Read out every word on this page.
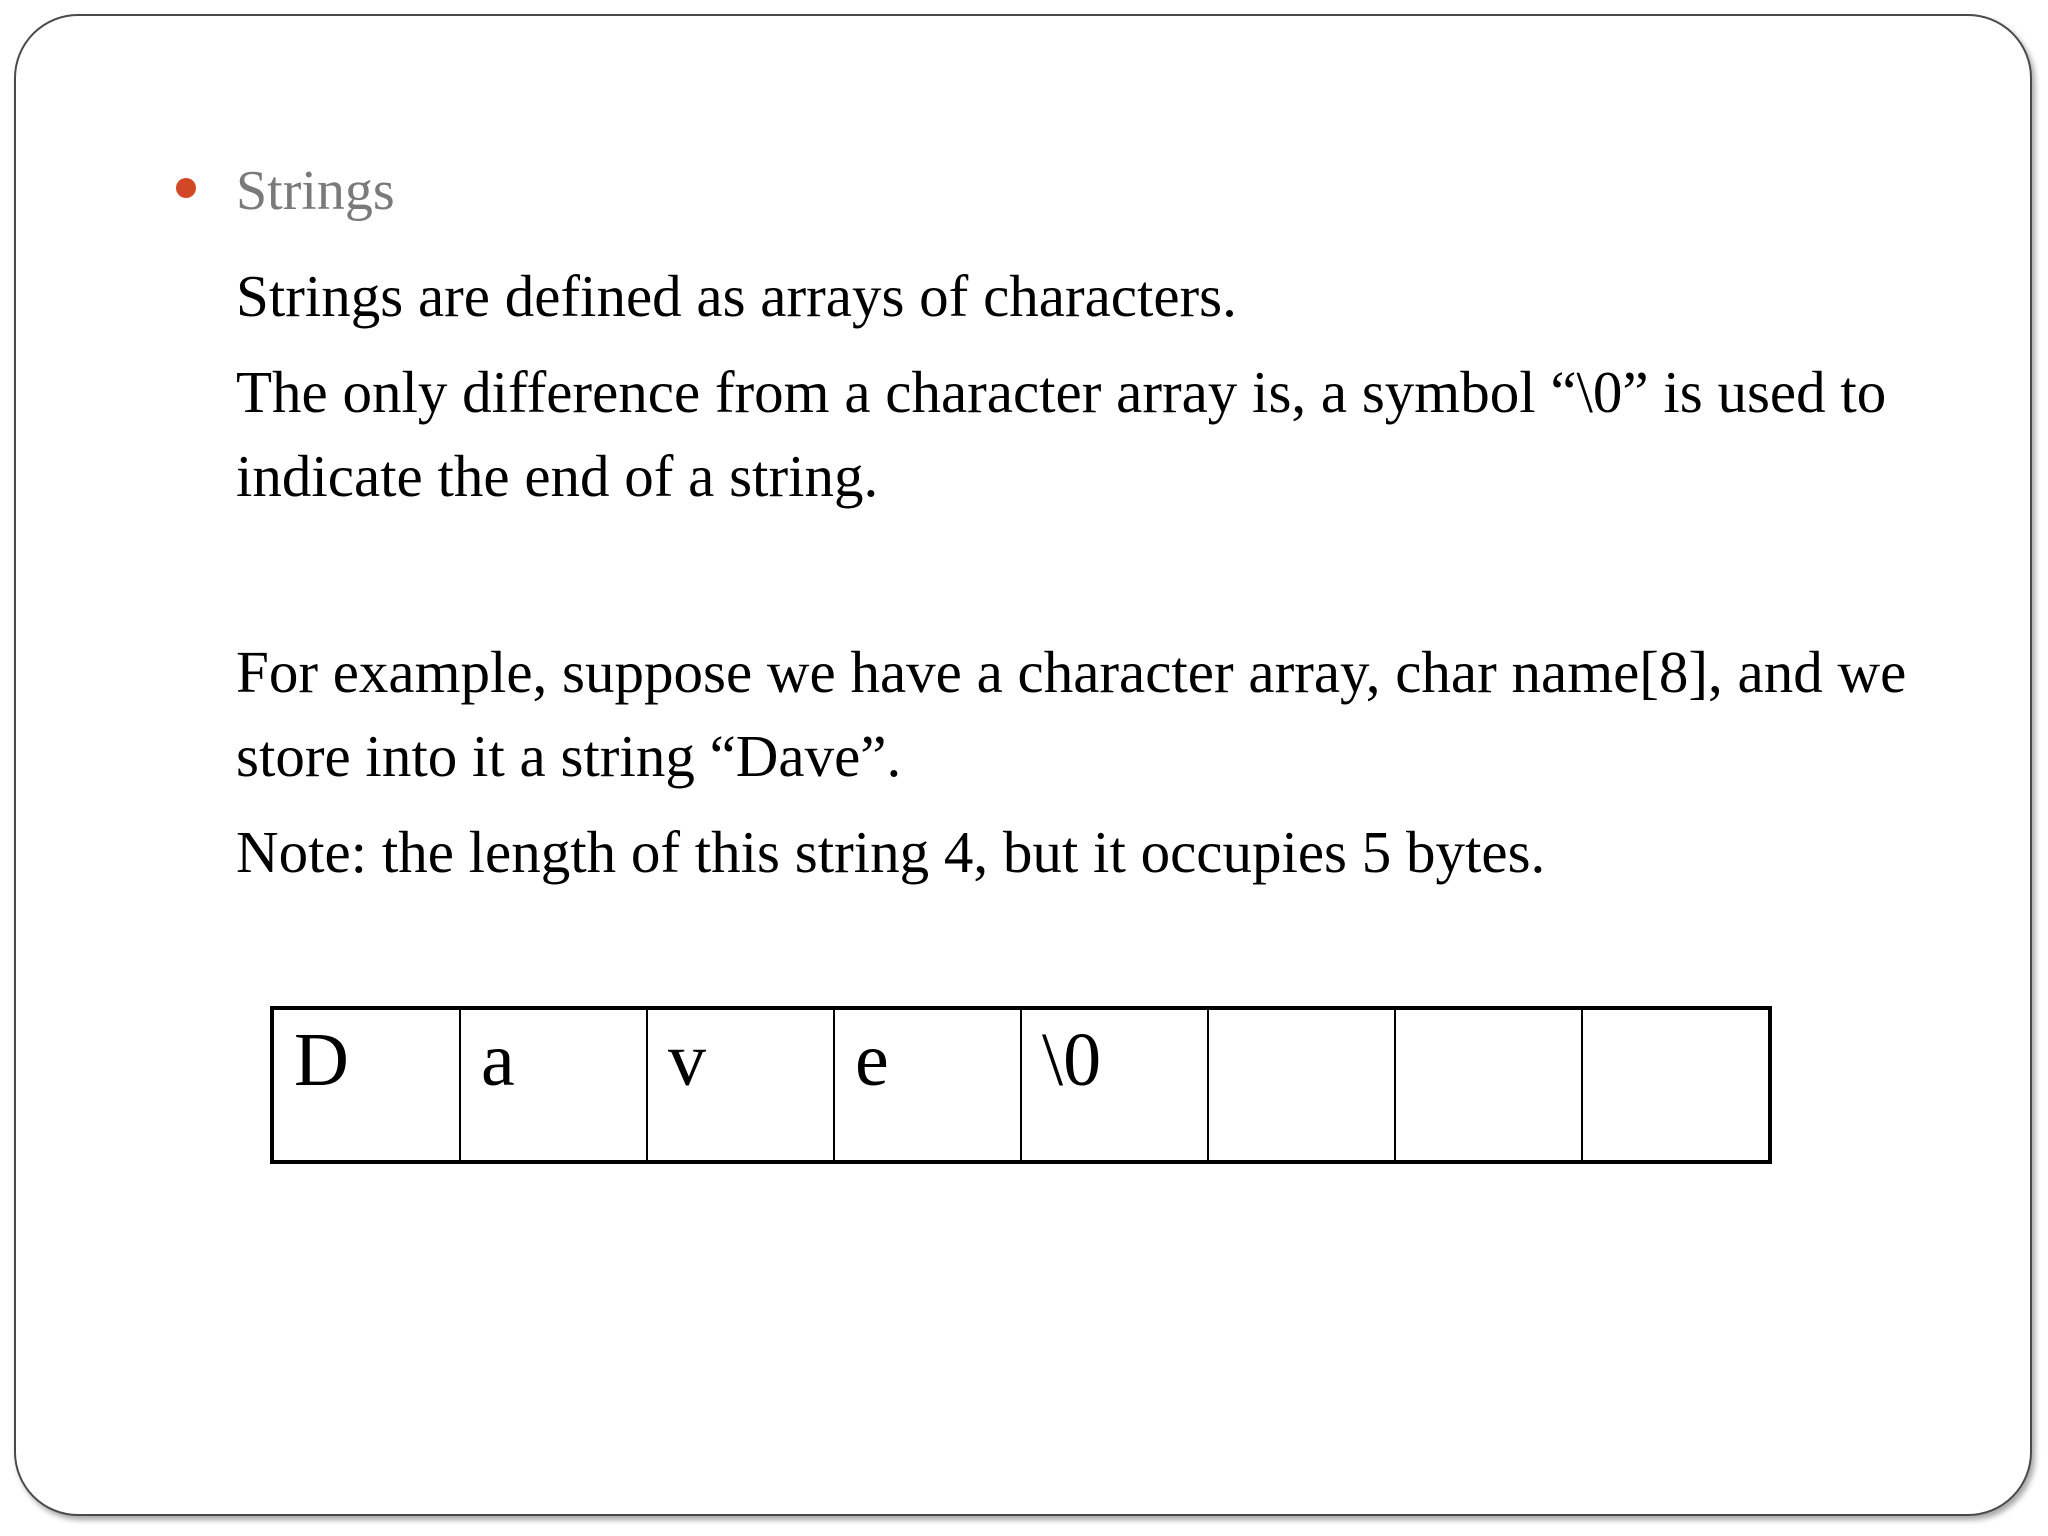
Strings

Strings are defined as arrays of characters.

The only difference from a character array is, a symbol “\0” is used to indicate the end of a string.

For example, suppose we have a character array, char name[8], and we store into it a string “Dave”.

Note: the length of this string 4, but it occupies 5 bytes.

D	a	v	e	\0			
